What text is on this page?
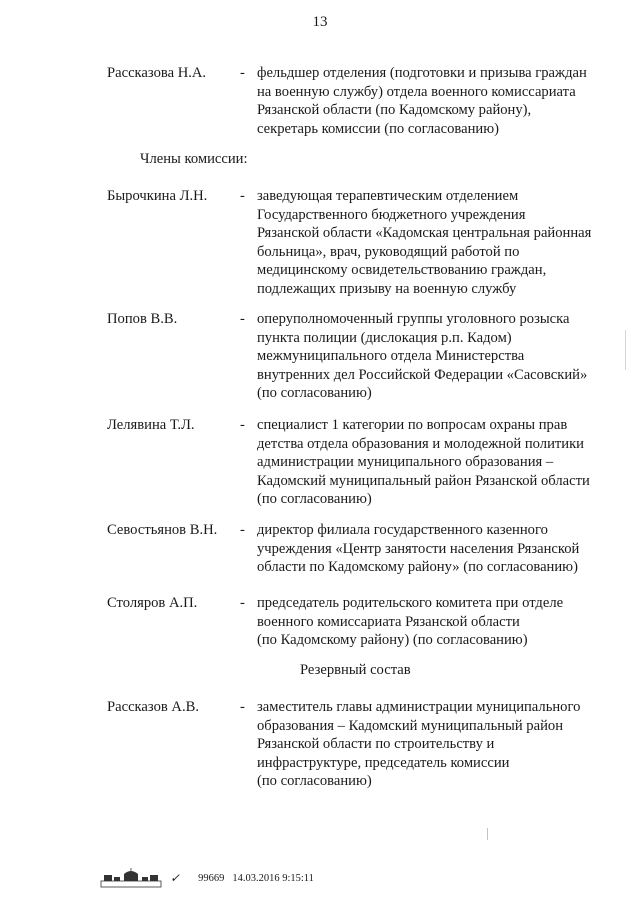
13
Рассказова Н.А. - фельдшер отделения (подготовки и призыва граждан
на военную службу) отдела военного комиссариата
Рязанской области (по Кадомскому району),
секретарь комиссии (по согласованию)
Члены комиссии:
Бырочкина Л.Н. - заведующая терапевтическим отделением
Государственного бюджетного учреждения
Рязанской области «Кадомская центральная районная
больница», врач, руководящий работой по
медицинскому освидетельствованию граждан,
подлежащих призыву на военную службу
Попов В.В.	- оперуполномоченный группы уголовного розыска
пункта полиции (дислокация р.п. Кадом)
межмуниципального отдела Министерства
внутренних дел Российской Федерации «Сасовский»
(по согласованию)
Лелявина Т.Л.	- специалист 1 категории по вопросам охраны прав
детства отдела образования и молодежной политики
администрации муниципального образования –
Кадомский муниципальный район Рязанской области
(по согласованию)
Севостьянов В.Н. - директор филиала государственного казенного
учреждения «Центр занятости населения Рязанской
области по Кадомскому району» (по согласованию)
Столяров А.П.	- председатель родительского комитета при отделе
военного комиссариата Рязанской области
(по Кадомскому району) (по согласованию)
Резервный состав
Рассказов А.В.	- заместитель главы администрации муниципального
образования – Кадомский муниципальный район
Рязанской области по строительству и
инфраструктуре, председатель комиссии
(по согласованию)
✓ 99669 14.03.2016 9:15:11
